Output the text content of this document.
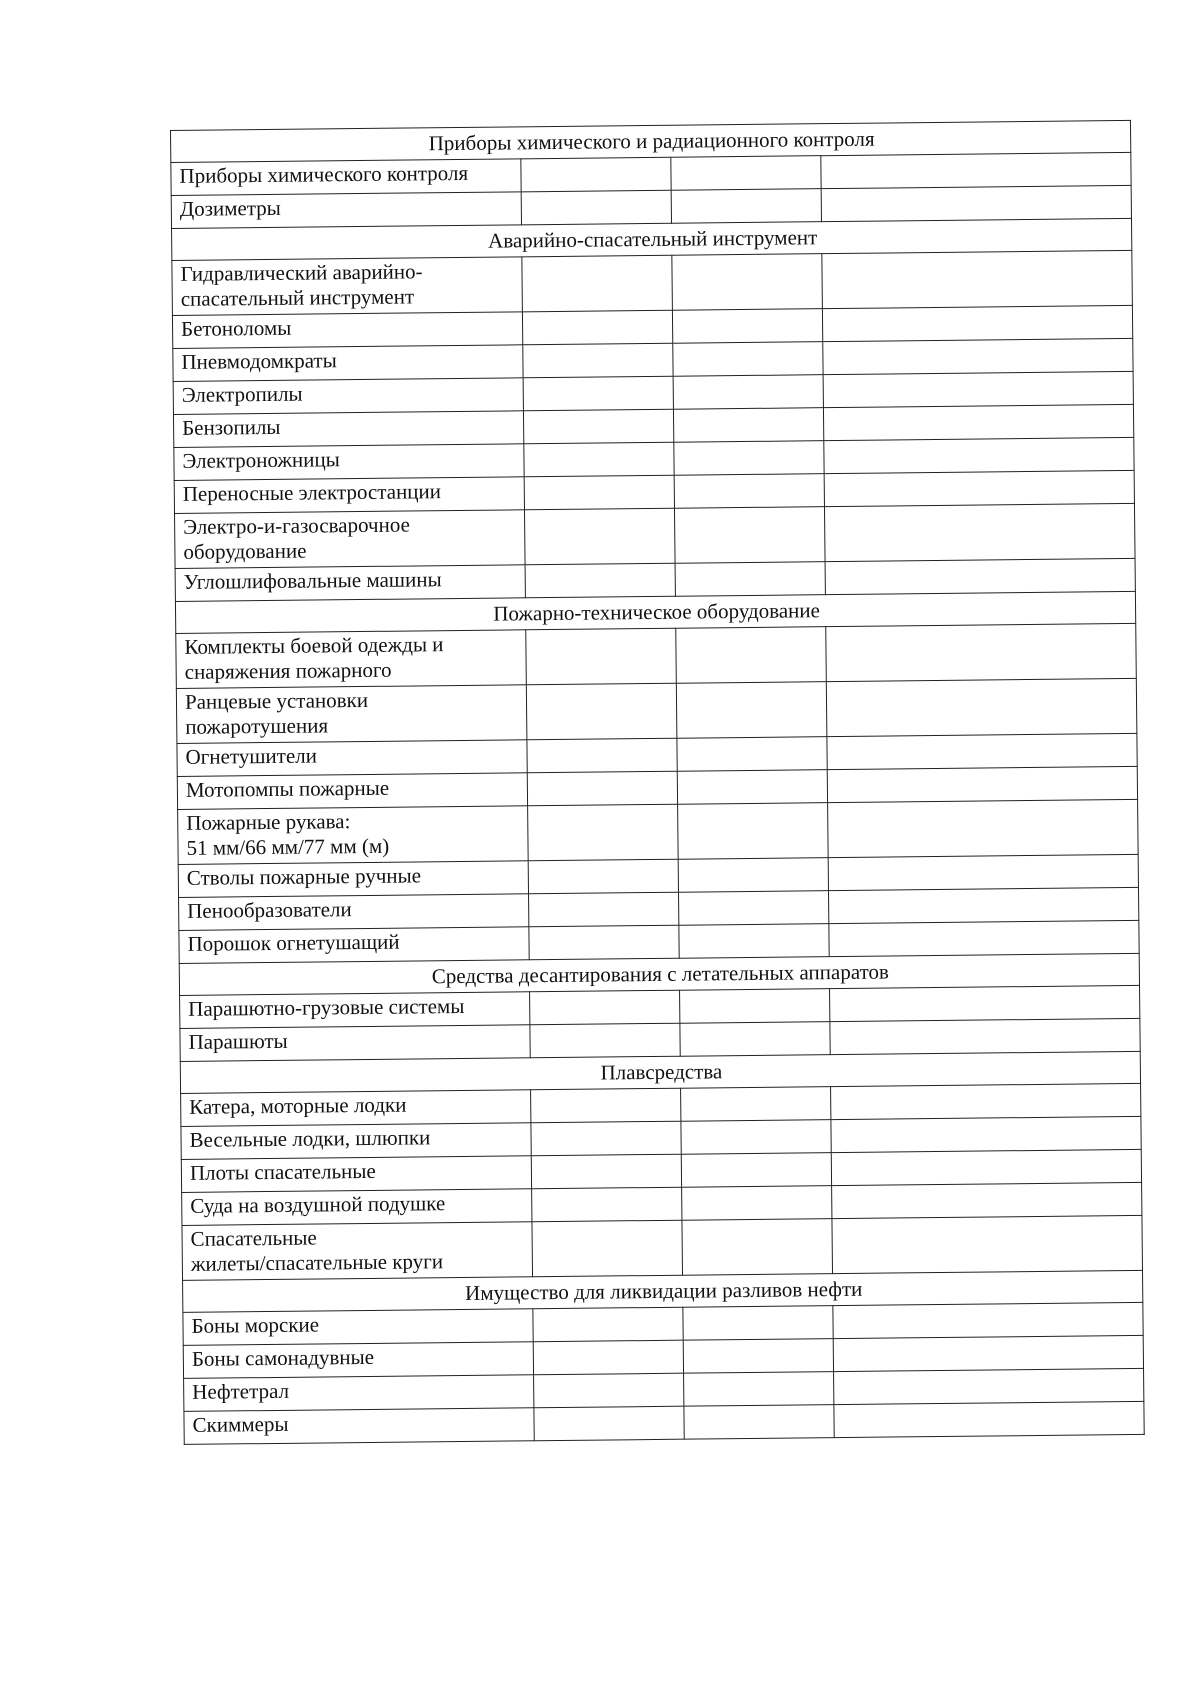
Приборы химического и радиационного контроля			

Приборы химического контроля			

Дозиметры			

Аварийно-спасательный инструмент			

Гидравлический аварийно-
спасательный инструмент			

Бетоноломы			

Пневмодомкраты			

Электропилы			

Бензопилы			

Электроножницы			

Переносные электростанции			

Электро-и-газосварочное
оборудование			

Углошлифовальные машины			

Пожарно-техническое оборудование			

Комплекты боевой одежды и
снаряжения пожарного			

Ранцевые установки
пожаротушения			

Огнетушители			

Мотопомпы пожарные			

Пожарные рукава:
51 мм/66 мм/77 мм (м)			

Стволы пожарные ручные			

Пенообразователи			

Порошок огнетушащий			

Средства десантирования с летательных аппаратов			

Парашютно-грузовые системы			

Парашюты			

Плавсредства			

Катера, моторные лодки			

Весельные лодки, шлюпки			

Плоты спасательные			

Суда на воздушной подушке			

Спасательные
жилеты/спасательные круги			

Имущество для ликвидации разливов нефти			

Боны морские			

Боны самонадувные			

Нефтетрал			

Скиммеры			
